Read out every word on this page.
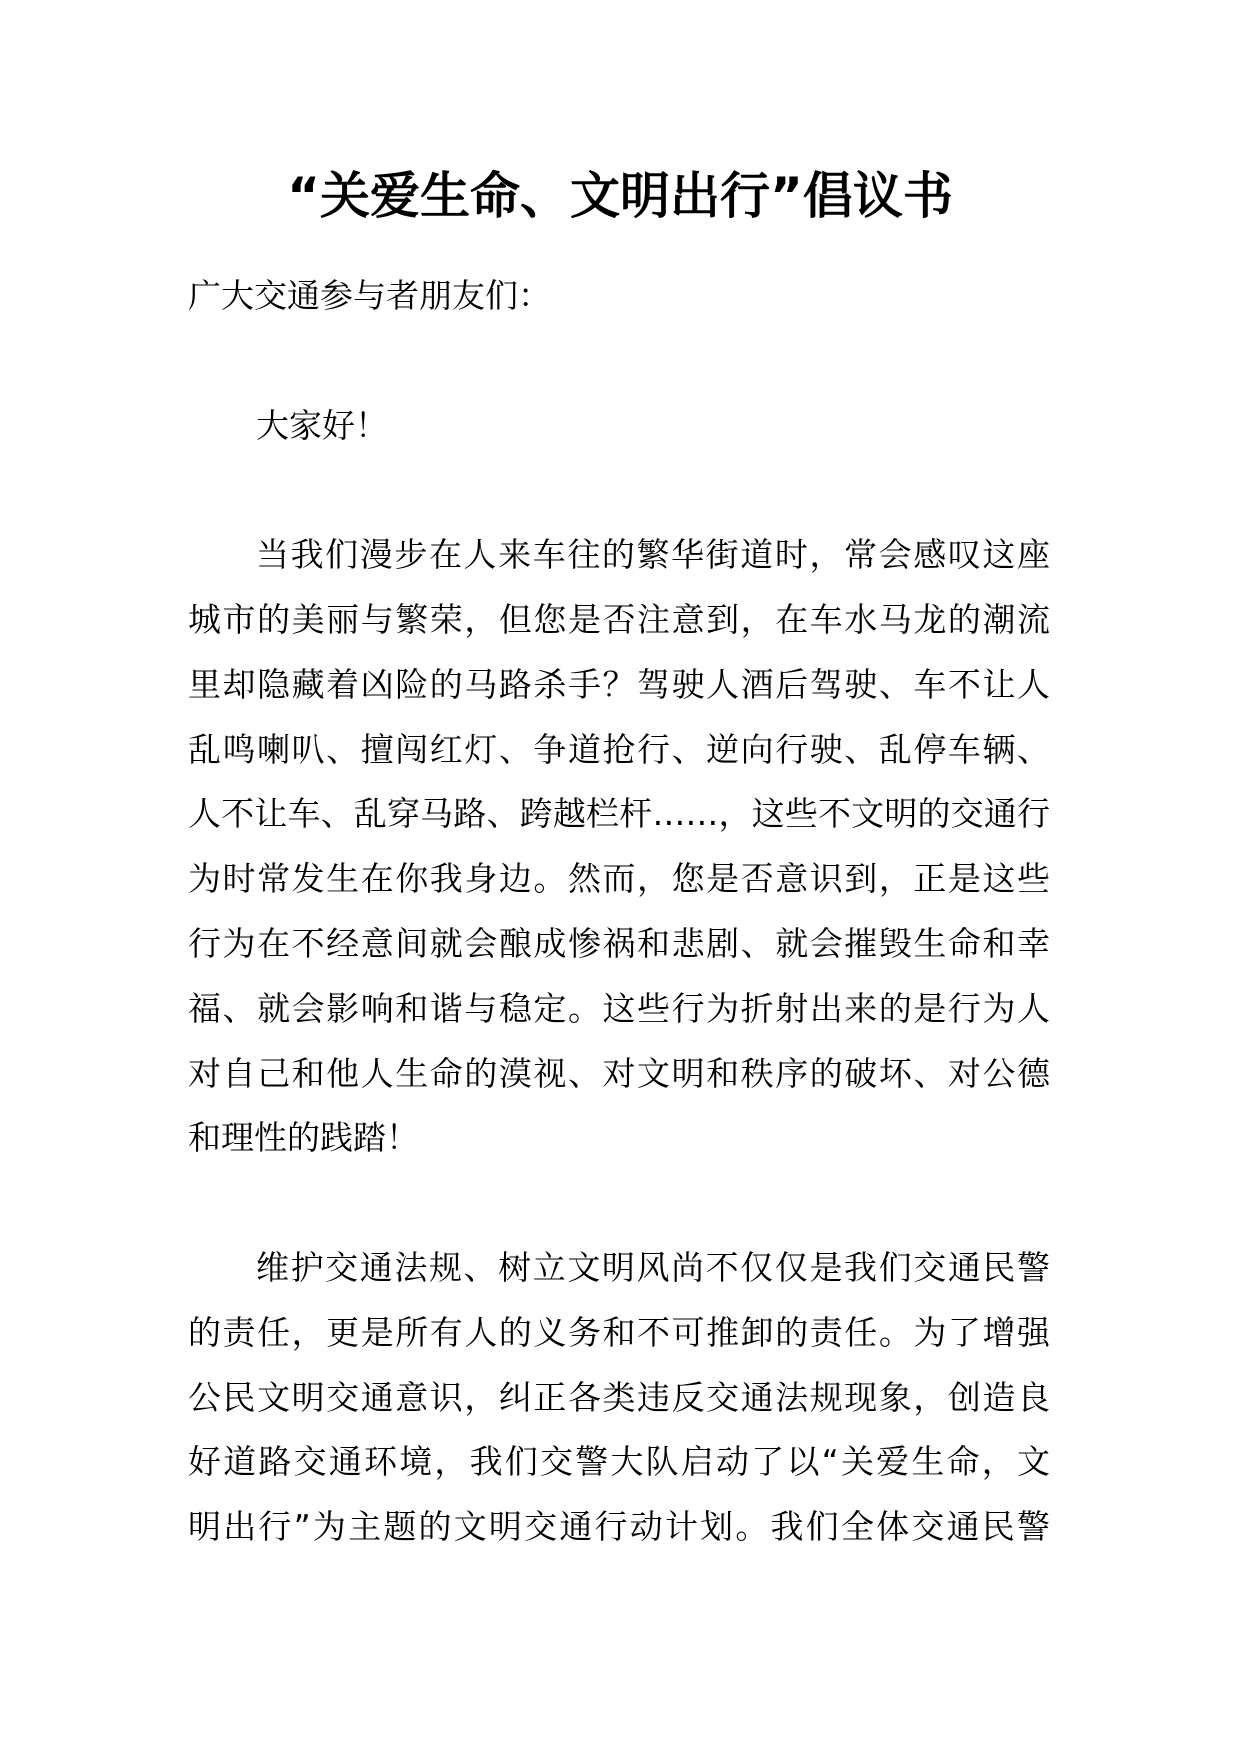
“关爱生命、文明出行”倡议书
广大交通参与者朋友们：
大家好！
当我们漫步在人来车往的繁华街道时，常会感叹这座
城市的美丽与繁荣，但您是否注意到，在车水马龙的潮流
里却隐藏着凶险的马路杀手？驾驶人酒后驾驶、车不让人
乱鸣喇叭、擅闯红灯、争道抢行、逆向行驶、乱停车辆、
人不让车、乱穿马路、跨越栏杆……，这些不文明的交通行
为时常发生在你我身边。然而，您是否意识到，正是这些
行为在不经意间就会酿成惨祸和悲剧、就会摧毁生命和幸
福、就会影响和谐与稳定。这些行为折射出来的是行为人
对自己和他人生命的漠视、对文明和秩序的破坏、对公德
和理性的践踏！
维护交通法规、树立文明风尚不仅仅是我们交通民警
的责任，更是所有人的义务和不可推卸的责任。为了增强
公民文明交通意识，纠正各类违反交通法规现象，创造良
好道路交通环境，我们交警大队启动了以“关爱生命，文
明出行”为主题的文明交通行动计划。我们全体交通民警
